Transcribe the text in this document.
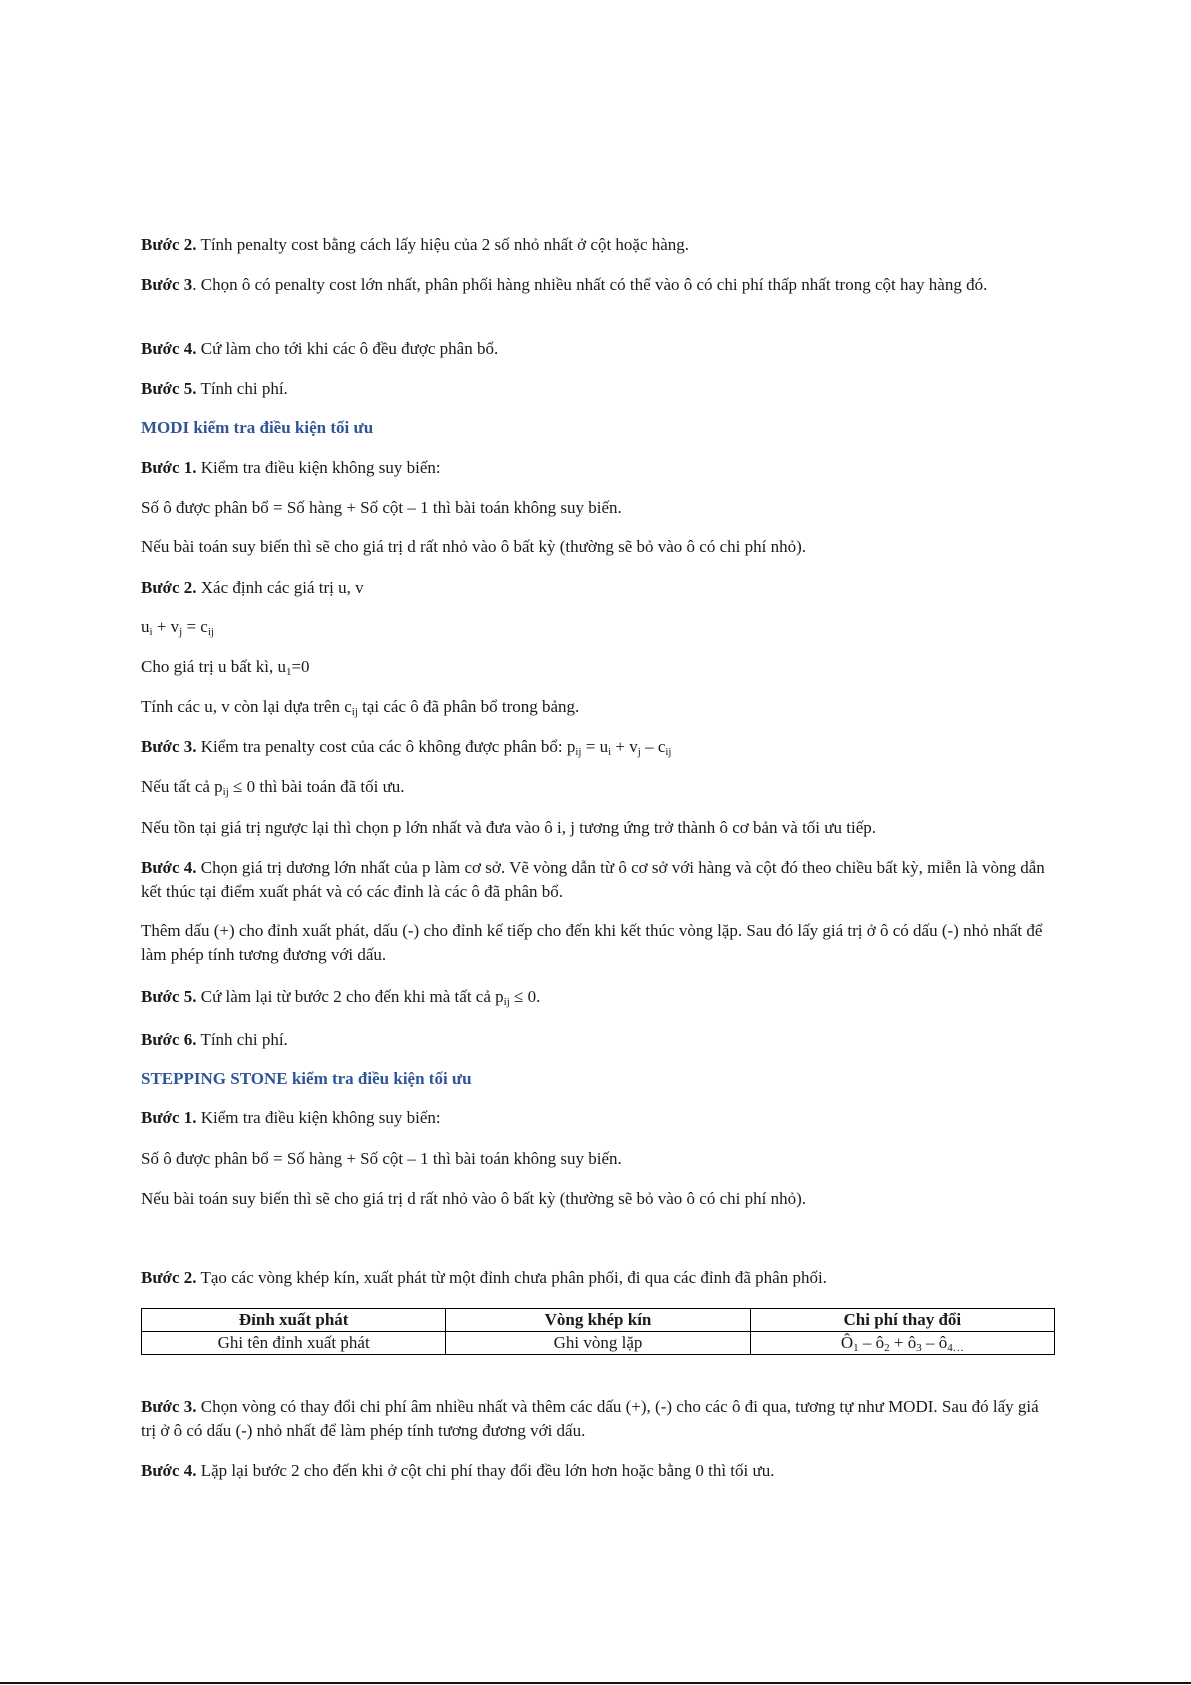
Bước 2. Tính penalty cost bằng cách lấy hiệu của 2 số nhỏ nhất ở cột hoặc hàng.

Bước 3. Chọn ô có penalty cost lớn nhất, phân phối hàng nhiều nhất có thể vào ô có chi phí thấp nhất trong cột hay hàng đó.

Bước 4. Cứ làm cho tới khi các ô đều được phân bổ.

Bước 5. Tính chi phí.

MODI kiểm tra điều kiện tối ưu

Bước 1. Kiểm tra điều kiện không suy biến:

Số ô được phân bổ = Số hàng + Số cột – 1 thì bài toán không suy biến.

Nếu bài toán suy biến thì sẽ cho giá trị d rất nhỏ vào ô bất kỳ (thường sẽ bỏ vào ô có chi phí nhỏ).

Bước 2. Xác định các giá trị u, v

$u_i + v_j = c_{ij}$

Cho giá trị u bất kì, $u_1=0$

Tính các u, v còn lại dựa trên $c_{ij}$ tại các ô đã phân bổ trong bảng.

Bước 3. Kiểm tra penalty cost của các ô không được phân bổ: $p_{ij} = u_i + v_j - c_{ij}$

Nếu tất cả $p_{ij} \le 0$ thì bài toán đã tối ưu.

Nếu tồn tại giá trị ngược lại thì chọn p lớn nhất và đưa vào ô i, j tương ứng trở thành ô cơ bản và tối ưu tiếp.

Bước 4. Chọn giá trị dương lớn nhất của p làm cơ sở. Vẽ vòng dẫn từ ô cơ sở với hàng và cột đó theo chiều bất kỳ, miễn là vòng dẫn kết thúc tại điểm xuất phát và có các đỉnh là các ô đã phân bổ.

Thêm dấu (+) cho đỉnh xuất phát, dấu (-) cho đỉnh kế tiếp cho đến khi kết thúc vòng lặp. Sau đó lấy giá trị ở ô có dấu (-) nhỏ nhất để làm phép tính tương đương với dấu.

Bước 5. Cứ làm lại từ bước 2 cho đến khi mà tất cả $p_{ij} \le 0$.

Bước 6. Tính chi phí.

STEPPING STONE kiểm tra điều kiện tối ưu

Bước 1. Kiểm tra điều kiện không suy biến:

Số ô được phân bổ = Số hàng + Số cột – 1 thì bài toán không suy biến.

Nếu bài toán suy biến thì sẽ cho giá trị d rất nhỏ vào ô bất kỳ (thường sẽ bỏ vào ô có chi phí nhỏ).

Bước 2. Tạo các vòng khép kín, xuất phát từ một đỉnh chưa phân phối, đi qua các đỉnh đã phân phối.

Đỉnh xuất phát	Vòng khép kín	Chi phí thay đổi
Ghi tên đỉnh xuất phát	Ghi vòng lặp	$Ô_1$ – $ô_2$ + $ô_3$ – $ô_{4\dots}$

Bước 3. Chọn vòng có thay đổi chi phí âm nhiều nhất và thêm các dấu (+), (-) cho các ô đi qua, tương tự như MODI. Sau đó lấy giá trị ở ô có dấu (-) nhỏ nhất để làm phép tính tương đương với dấu.

Bước 4. Lặp lại bước 2 cho đến khi ở cột chi phí thay đổi đều lớn hơn hoặc bằng 0 thì tối ưu.
